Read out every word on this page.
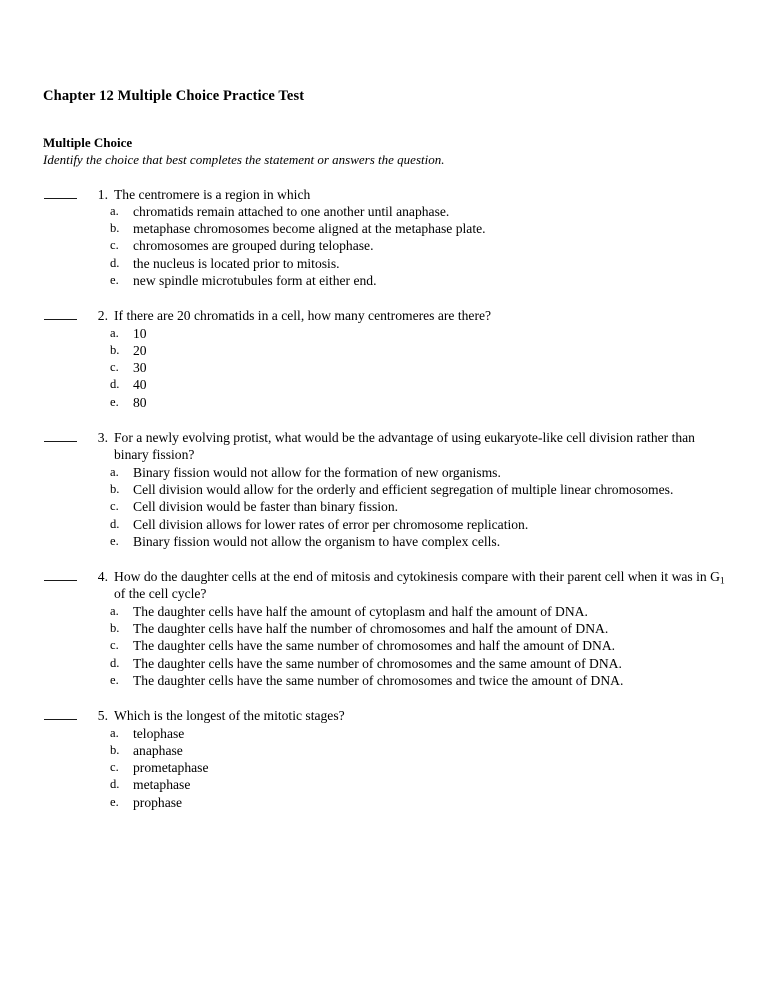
Chapter 12 Multiple Choice Practice Test
Multiple Choice
Identify the choice that best completes the statement or answers the question.
1. The centromere is a region in which
a.	chromatids remain attached to one another until anaphase.
b. metaphase chromosomes become aligned at the metaphase plate.
c.	chromosomes are grouped during telophase.
d. the nucleus is located prior to mitosis.
e.	new spindle microtubules form at either end.
2. If there are 20 chromatids in a cell, how many centromeres are there?
a.	10
b. 20
c.	30
d. 40
e.	80
3. For a newly evolving protist, what would be the advantage of using eukaryote-like cell division rather than binary fission?
a.	Binary fission would not allow for the formation of new organisms.
b. Cell division would allow for the orderly and efficient segregation of multiple linear chromosomes.
c.	Cell division would be faster than binary fission.
d. Cell division allows for lower rates of error per chromosome replication.
e.	Binary fission would not allow the organism to have complex cells.
4. How do the daughter cells at the end of mitosis and cytokinesis compare with their parent cell when it was in $G_1$ of the cell cycle?
a.	The daughter cells have half the amount of cytoplasm and half the amount of DNA.
b. The daughter cells have half the number of chromosomes and half the amount of DNA.
c.	The daughter cells have the same number of chromosomes and half the amount of DNA.
d. The daughter cells have the same number of chromosomes and the same amount of DNA.
e.	The daughter cells have the same number of chromosomes and twice the amount of DNA.
5. Which is the longest of the mitotic stages?
a.	telophase
b. anaphase
c.	prometaphase
d. metaphase
e.	prophase
